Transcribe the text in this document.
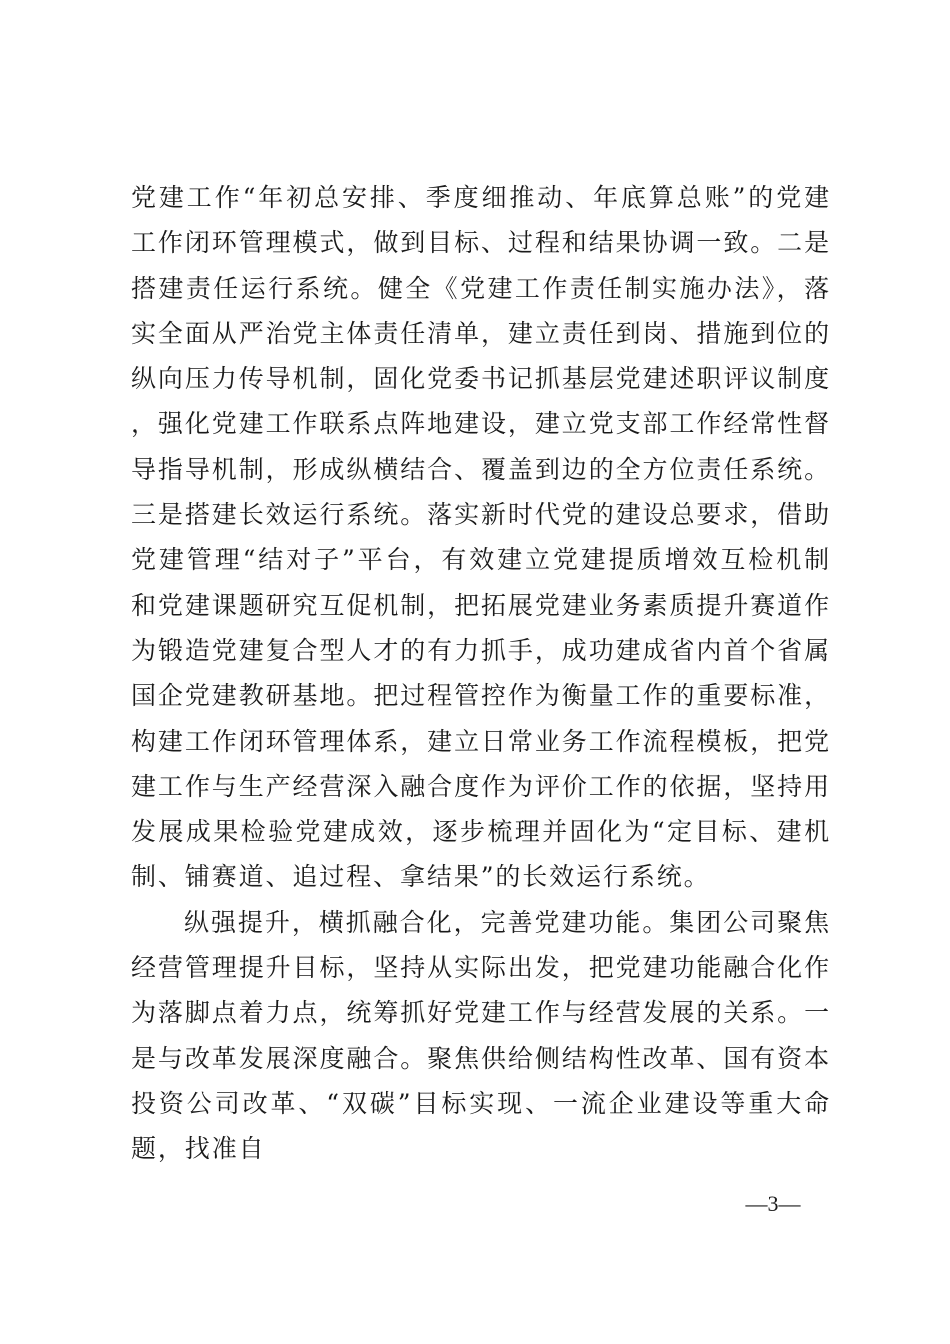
党建工作“年初总安排、季度细推动、年底算总账”的党建工作闭环管理模式，做到目标、过程和结果协调一致。二是搭建责任运行系统。健全《党建工作责任制实施办法》，落实全面从严治党主体责任清单，建立责任到岗、措施到位的纵向压力传导机制，固化党委书记抓基层党建述职评议制度，强化党建工作联系点阵地建设，建立党支部工作经常性督导指导机制，形成纵横结合、覆盖到边的全方位责任系统。三是搭建长效运行系统。落实新时代党的建设总要求，借助党建管理“结对子”平台，有效建立党建提质增效互检机制和党建课题研究互促机制，把拓展党建业务素质提升赛道作为锻造党建复合型人才的有力抓手，成功建成省内首个省属国企党建教研基地。把过程管控作为衡量工作的重要标准，构建工作闭环管理体系，建立日常业务工作流程模板，把党建工作与生产经营深入融合度作为评价工作的依据，坚持用发展成果检验党建成效，逐步梳理并固化为“定目标、建机制、铺赛道、追过程、拿结果”的长效运行系统。

纵强提升，横抓融合化，完善党建功能。集团公司聚焦经营管理提升目标，坚持从实际出发，把党建功能融合化作为落脚点着力点，统筹抓好党建工作与经营发展的关系。一是与改革发展深度融合。聚焦供给侧结构性改革、国有资本投资公司改革、“双碳”目标实现、一流企业建设等重大命题，找准自

—3—
